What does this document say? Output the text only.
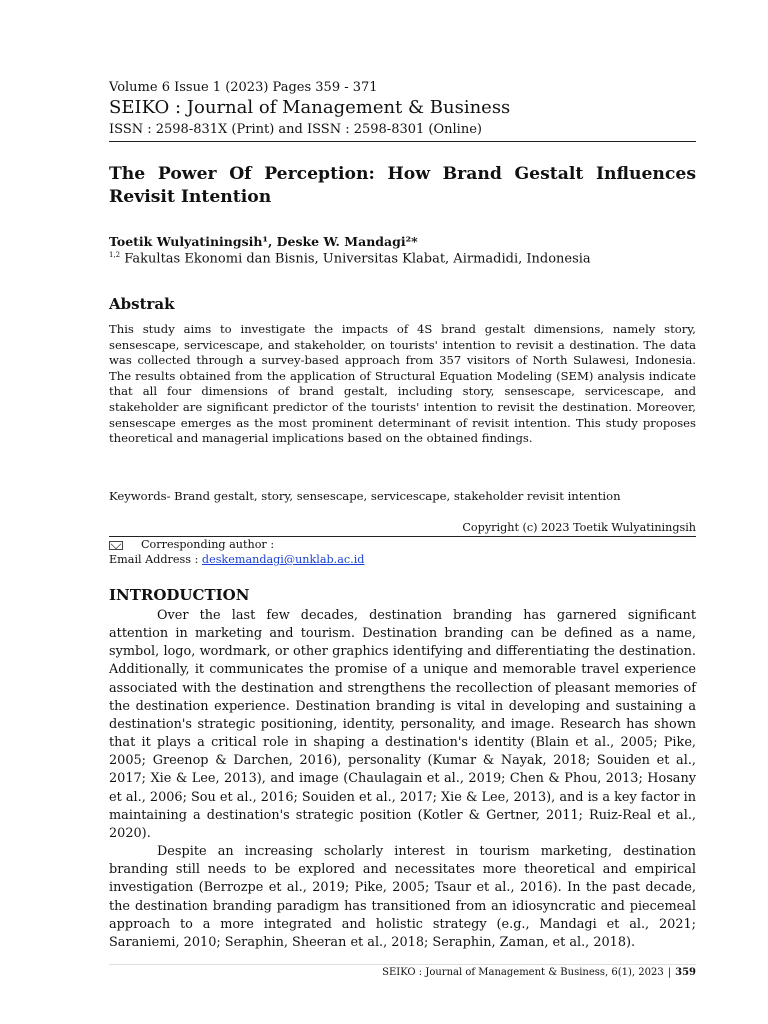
Volume 6 Issue 1 (2023) Pages 359 - 371
SEIKO : Journal of Management & Business
ISSN : 2598-831X (Print) and ISSN : 2598-8301 (Online)
The Power Of Perception: How Brand Gestalt Influences
Revisit Intention
Toetik Wulyatiningsih¹, Deske W. Mandagi²*
$^{1,2}$ Fakultas Ekonomi dan Bisnis, Universitas Klabat, Airmadidi, Indonesia
Abstrak
This study aims to investigate the impacts of 4S brand gestalt dimensions, namely story, sensescape, servicescape, and stakeholder, on tourists' intention to revisit a destination. The data was collected through a survey-based approach from 357 visitors of North Sulawesi, Indonesia. The results obtained from the application of Structural Equation Modeling (SEM) analysis indicate that all four dimensions of brand gestalt, including story, sensescape, servicescape, and stakeholder are significant predictor of the tourists' intention to revisit the destination. Moreover, sensescape emerges as the most prominent determinant of revisit intention. This study proposes theoretical and managerial implications based on the obtained findings.
Keywords- Brand gestalt, story, sensescape, servicescape, stakeholder revisit intention
Copyright (c) 2023 Toetik Wulyatiningsih
Corresponding author :
Email Address : deskemandagi@unklab.ac.id
INTRODUCTION

Over the last few decades, destination branding has garnered significant attention in marketing and tourism. Destination branding can be defined as a name, symbol, logo, wordmark, or other graphics identifying and differentiating the destination. Additionally, it communicates the promise of a unique and memorable travel experience associated with the destination and strengthens the recollection of pleasant memories of the destination experience. Destination branding is vital in developing and sustaining a destination's strategic positioning, identity, personality, and image. Research has shown that it plays a critical role in shaping a destination's identity (Blain et al., 2005; Pike, 2005; Greenop & Darchen, 2016), personality (Kumar & Nayak, 2018; Souiden et al., 2017; Xie & Lee, 2013), and image (Chaulagain et al., 2019; Chen & Phou, 2013; Hosany et al., 2006; Sou et al., 2016; Souiden et al., 2017; Xie & Lee, 2013), and is a key factor in maintaining a destination's strategic position (Kotler & Gertner, 2011; Ruiz-Real et al., 2020).

Despite an increasing scholarly interest in tourism marketing, destination branding still needs to be explored and necessitates more theoretical and empirical investigation (Berrozpe et al., 2019; Pike, 2005; Tsaur et al., 2016). In the past decade, the destination branding paradigm has transitioned from an idiosyncratic and piecemeal approach to a more integrated and holistic strategy (e.g., Mandagi et al., 2021; Saraniemi, 2010; Seraphin, Sheeran et al., 2018; Seraphin, Zaman, et al., 2018).

SEIKO : Journal of Management & Business, 6(1), 2023 | 359
